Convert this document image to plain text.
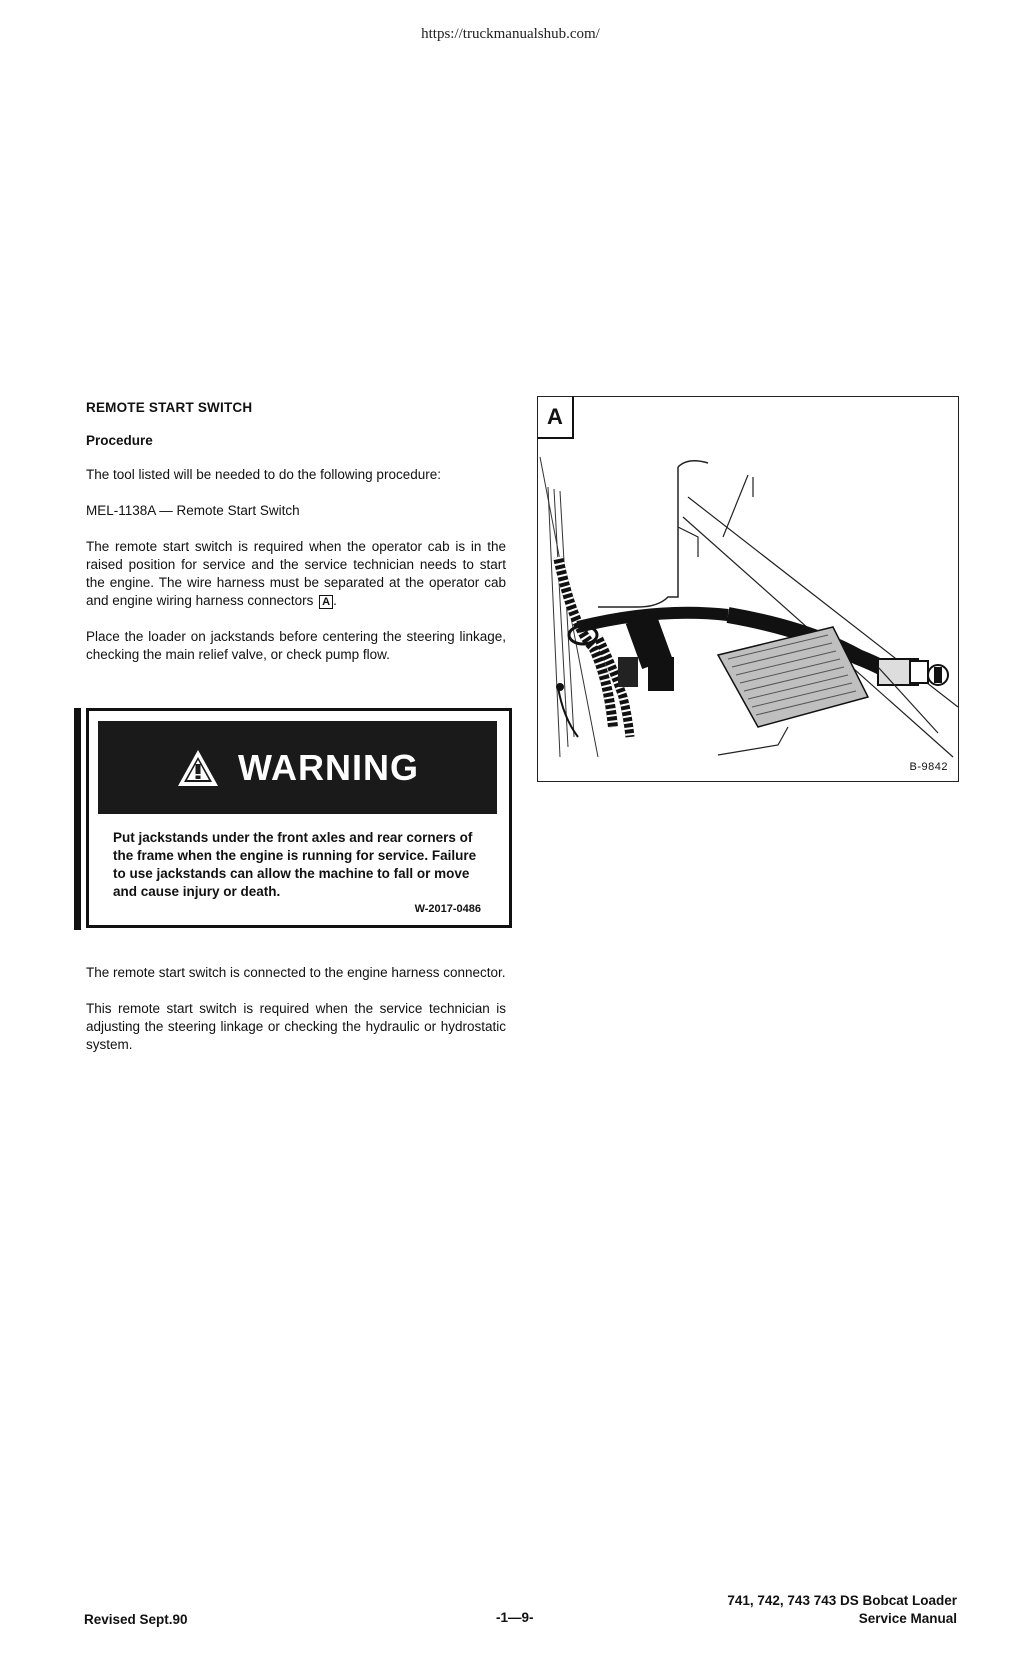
https://truckmanualshub.com/
REMOTE START SWITCH
Procedure

The tool listed will be needed to do the following procedure:

MEL-1138A — Remote Start Switch

The remote start switch is required when the operator cab is in the raised position for service and the service technician needs to start the engine. The wire harness must be separated at the operator cab and engine wiring harness connectors A .

Place the loader on jackstands before centering the steering linkage, checking the main relief valve, or check pump flow.

WARNING
Put jackstands under the front axles and rear corners of the frame when the engine is running for service. Failure to use jackstands can allow the machine to fall or move and cause injury or death.
W-2017-0486

The remote start switch is connected to the engine harness connector.

This remote start switch is required when the service technician is adjusting the steering linkage or checking the hydraulic or hydrostatic system.

A
B-9842
Revised Sept.90	-1—9-
741, 742, 743 743 DS Bobcat Loader
Service Manual
